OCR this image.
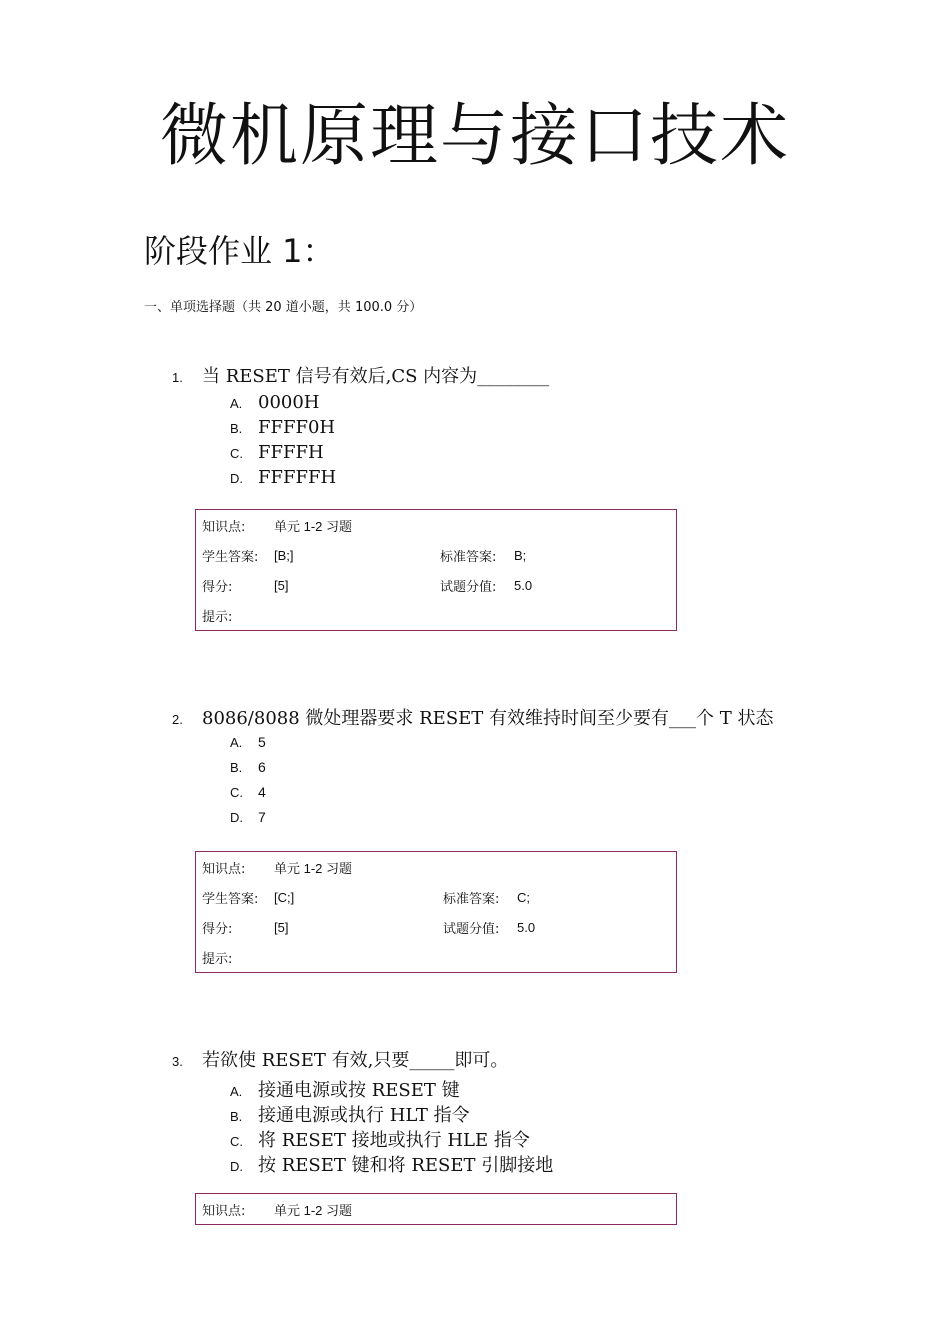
微机原理与接口技术
阶段作业 1：
一、单项选择题（共 20 道小题，共 100.0 分）
1.	当 RESET 信号有效后,CS 内容为________
A. 0000H
B. FFFF0H
C. FFFFH
D. FFFFFH
知识点:	单元 1-2 习题
学生答案:	[B;]	标准答案:	B;
得分:	[5]	试题分值:	5.0
提示:
2.	8086/8088 微处理器要求 RESET 有效维持时间至少要有___个 T 状态
A.	5
B.	6
C.	4
D.	7
知识点:	单元 1-2 习题
学生答案:	[C;]	标准答案:	C;
得分:	[5]	试题分值:	5.0
提示:
3.	若欲使 RESET 有效,只要_____即可。
A. 接通电源或按 RESET 键
B. 接通电源或执行 HLT 指令
C. 将 RESET 接地或执行 HLE 指令
D. 按 RESET 键和将 RESET 引脚接地
知识点:	单元 1-2 习题
